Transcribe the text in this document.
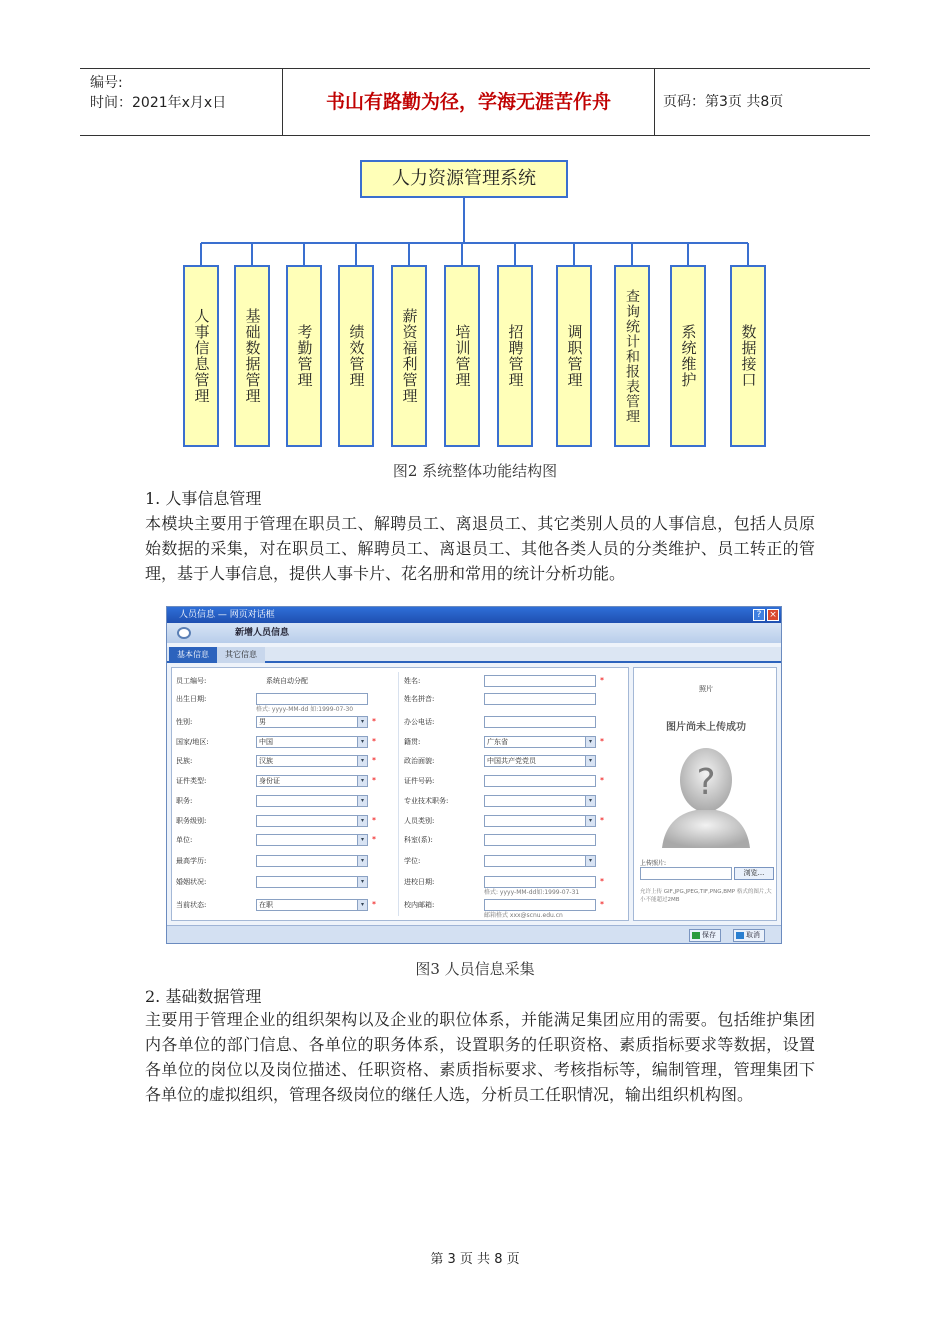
编号:
时间：2021年x月x日	书山有路勤为径，学海无涯苦作舟	页码：第3页 共8页
人力资源管理系统
人事信息管理 基础数据管理 考勤管理 绩效管理 薪资福利管理 培训管理 招聘管理	调职管理	查询统计和报表管理	系统维护	数据接口
图2 系统整体功能结构图
1. 人事信息管理
本模块主要用于管理在职员工、解聘员工、离退员工、其它类别人员的人事信息，包括人员原始数据的采集，对在职员工、解聘员工、离退员工、其他各类人员的分类维护、员工转正的管理，基于人事信息，提供人事卡片、花名册和常用的统计分析功能。
人员信息 — 网页对话框	? ×
新增人员信息
基本信息	其它信息
员工编号:	系统自动分配
出生日期:
格式: yyyy-MM-dd 如:1999-07-30
性别:	男	▾	*
国家/地区:	中国	▾	*
民族:	汉族	▾	*
证件类型:	身份证	▾	*
职务:	▾
职务级别:	▾	*
单位:	▾	*
最高学历:	▾
婚姻状况:	▾
当前状态:	在职	▾	*
姓名:	*
姓名拼音:
办公电话:
籍贯:	广东省	▾	*
政治面貌:	中国共产党党员	▾
证件号码:	*
专业技术职务:	▾
人员类别:	▾	*
科室(系):
学位:	▾
进校日期:	*
格式: yyyy-MM-dd如:1999-07-31
校内邮箱:	*
邮箱格式 xxx@scnu.edu.cn
照片
图片尚未上传成功
?
上传照片:
浏览...
允许上传 GIF,JPG,JPEG,TIF,PNG,BMP 格式的图片,大小不能超过2MB
保存	取消
图3 人员信息采集
2. 基础数据管理
主要用于管理企业的组织架构以及企业的职位体系，并能满足集团应用的需要。包括维护集团内各单位的部门信息、各单位的职务体系，设置职务的任职资格、素质指标要求等数据，设置各单位的岗位以及岗位描述、任职资格、素质指标要求、考核指标等，编制管理，管理集团下各单位的虚拟组织，管理各级岗位的继任人选，分析员工任职情况，输出组织机构图。
第 3 页 共 8 页
